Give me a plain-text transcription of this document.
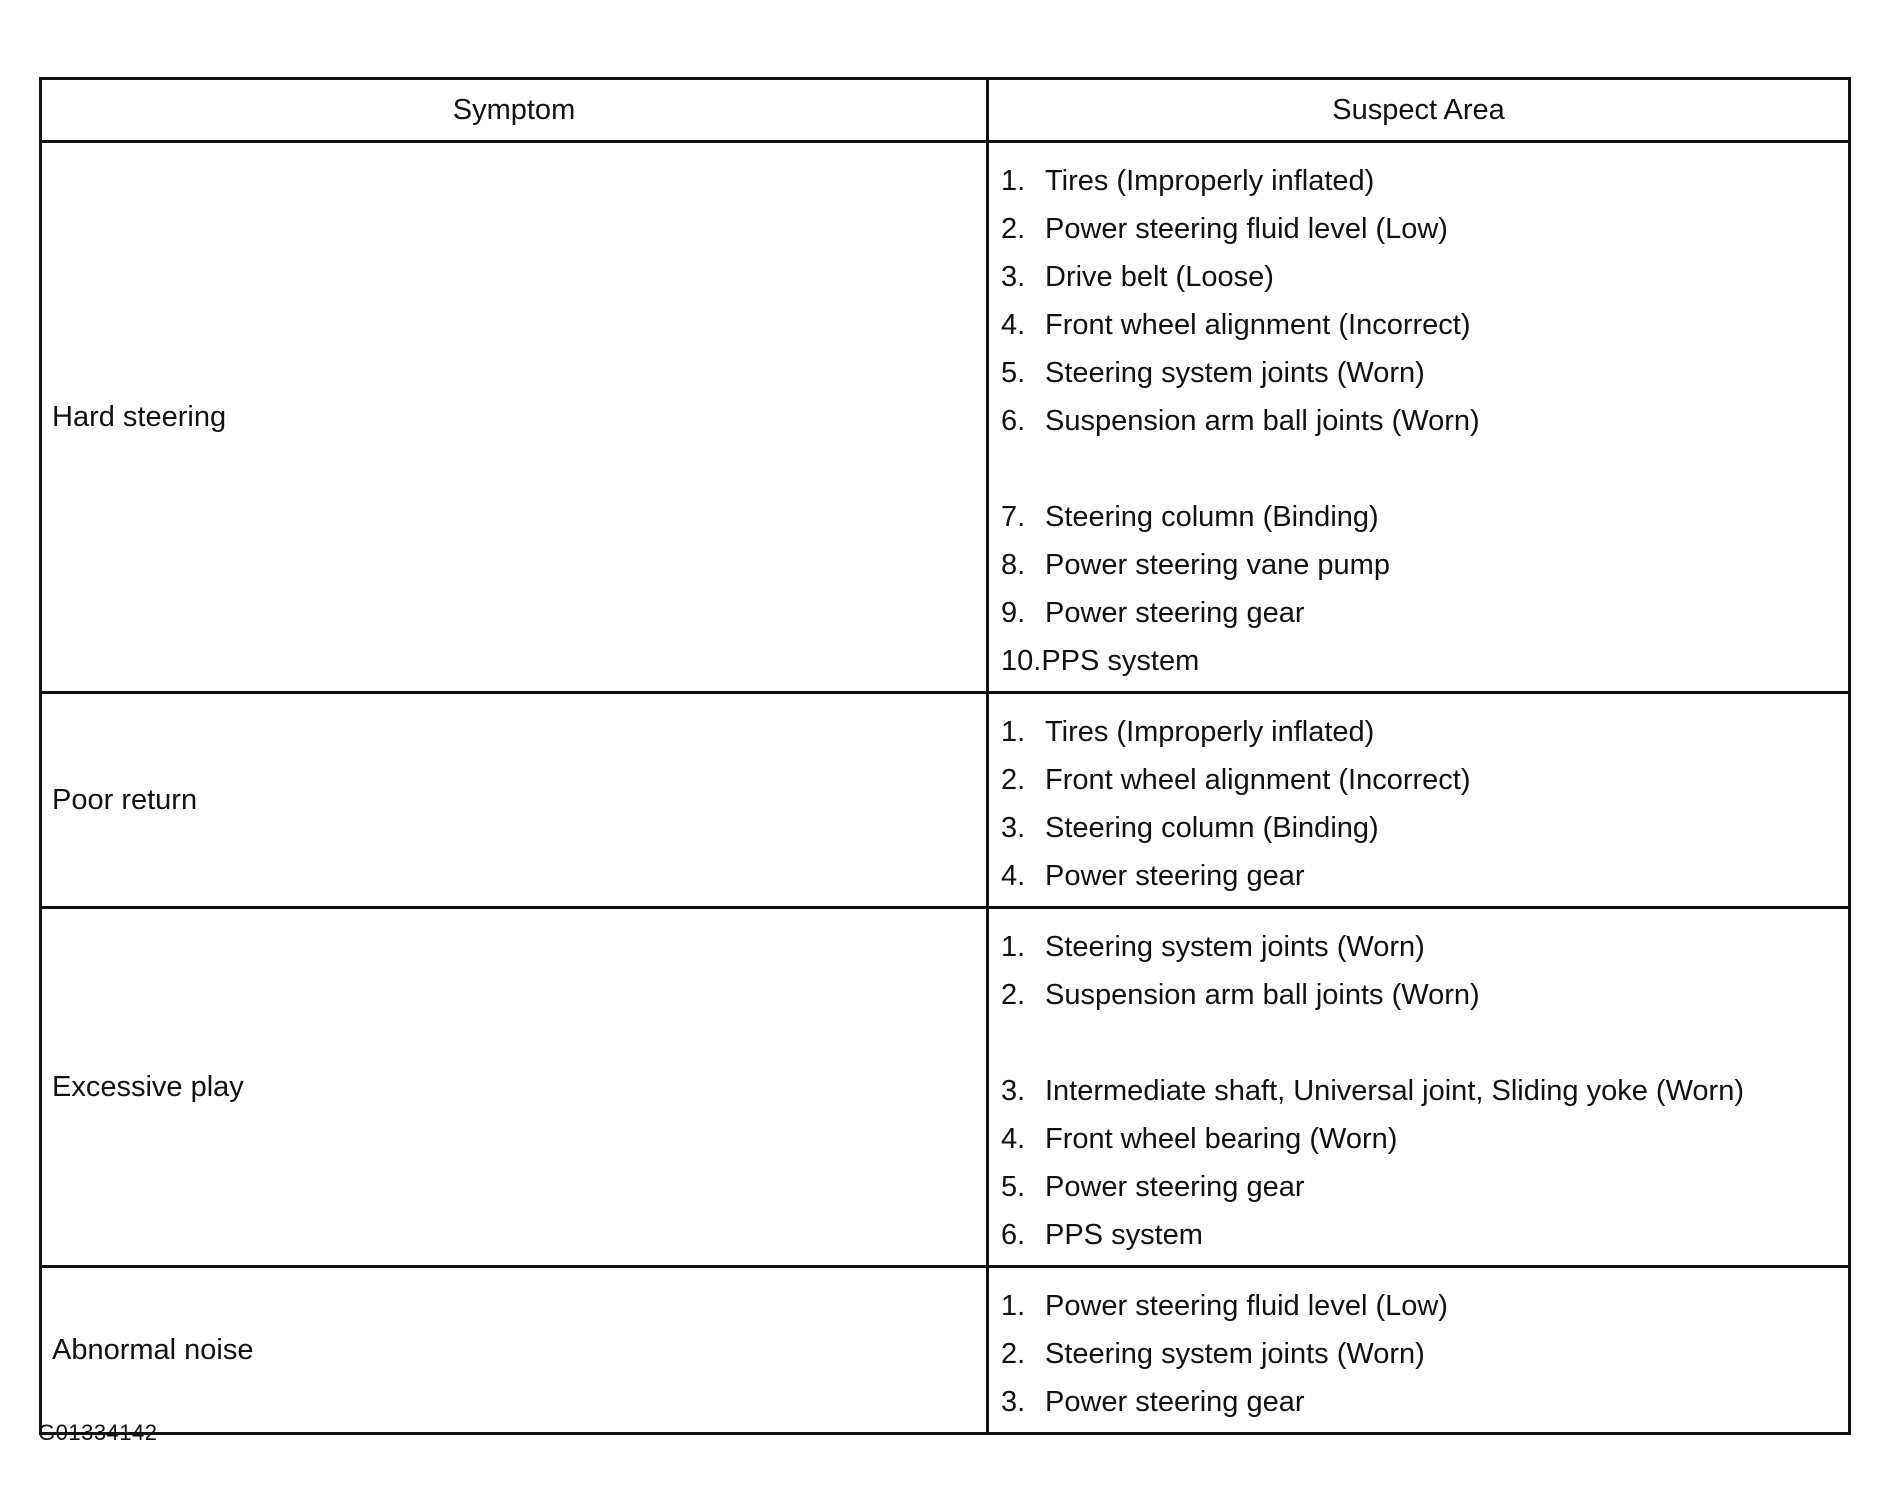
Symptom	Suspect Area
Hard steering
1. Tires (Improperly inflated)
2. Power steering fluid level (Low)
3. Drive belt (Loose)
4. Front wheel alignment (Incorrect)
5. Steering system joints (Worn)
6. Suspension arm ball joints (Worn)
7. Steering column (Binding)
8. Power steering vane pump
9. Power steering gear
10. PPS system
Poor return
1. Tires (Improperly inflated)
2. Front wheel alignment (Incorrect)
3. Steering column (Binding)
4. Power steering gear
Excessive play
1. Steering system joints (Worn)
2. Suspension arm ball joints (Worn)
3. Intermediate shaft, Universal joint, Sliding yoke (Worn)
4. Front wheel bearing (Worn)
5. Power steering gear
6. PPS system
Abnormal noise
1. Power steering fluid level (Low)
2. Steering system joints (Worn)
3. Power steering gear
G01334142
